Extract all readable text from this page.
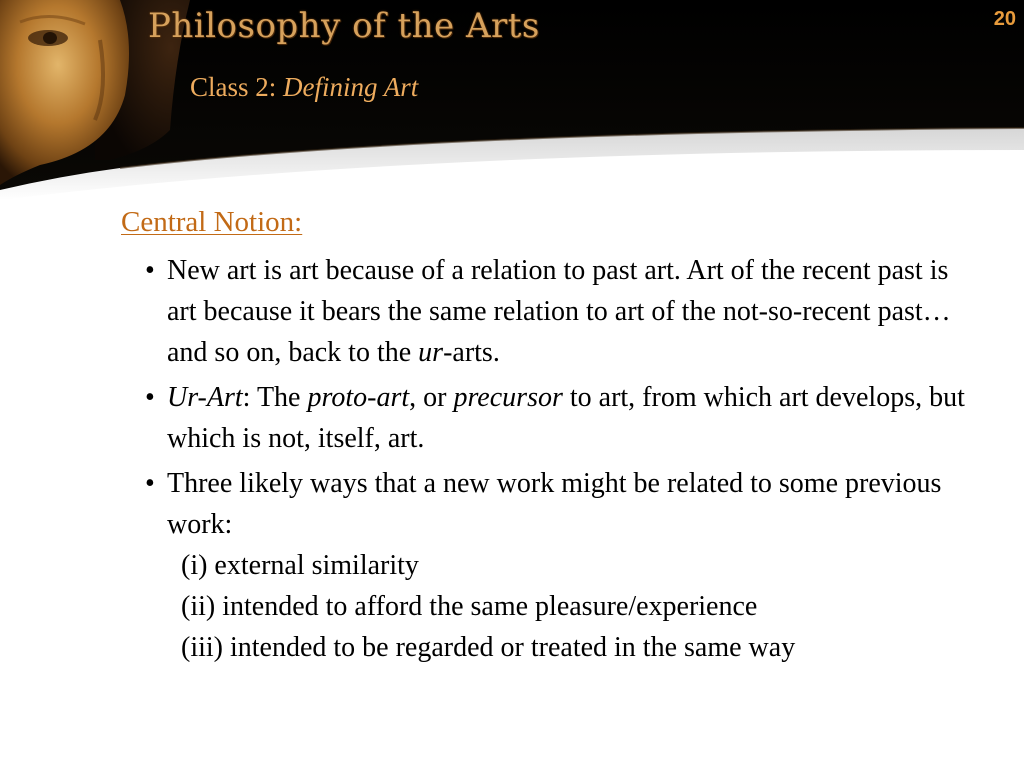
Philosophy of the Arts
Class 2: Defining Art
20
Central Notion:
• New art is art because of a relation to past art. Art of the recent past is art because it bears the same relation to art of the not-so-recent past… and so on, back to the ur-arts.
• Ur-Art: The proto-art, or precursor to art, from which art develops, but which is not, itself, art.
• Three likely ways that a new work might be related to some previous work:
(i) external similarity
(ii) intended to afford the same pleasure/experience
(iii) intended to be regarded or treated in the same way
